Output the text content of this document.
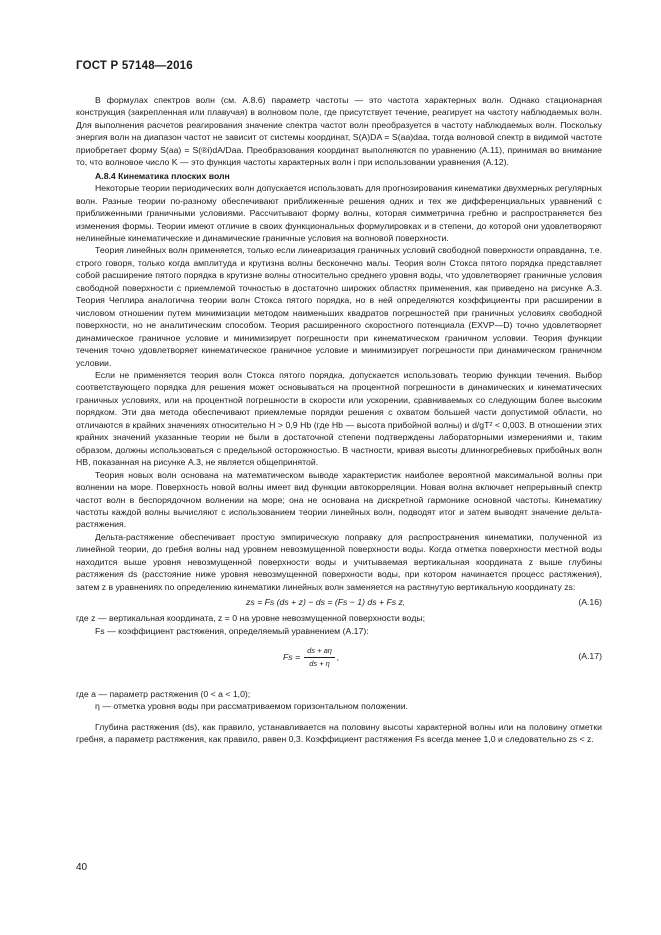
ГОСТ Р 57148—2016

В формулах спектров волн (см. А.8.6) параметр частоты — это частота характерных волн. Однако стационарная конструкция (закрепленная или плавучая) в волновом поле, где присутствует течение, реагирует на частоту наблюдаемых волн. Для выполнения расчетов реагирования значение спектра частот волн преобразуется в частоту наблюдаемых волн. Поскольку энергия волн на диапазон частот не зависит от системы координат, S(A)DA = S(aa)daa, тогда волновой спектр в видимой частоте приобретает форму S(aa) = S(®i)dA/Daa. Преобразования координат выполняются по уравнению (А.11), принимая во внимание то, что волновое число K — это функция частоты характерных волн i при использовании уравнения (А.12).

А.8.4 Кинематика плоских волн

Некоторые теории периодических волн допускается использовать для прогнозирования кинематики двухмерных регулярных волн. Разные теории по-разному обеспечивают приближенные решения одних и тех же дифференциальных уравнений с приближенными граничными условиями. Рассчитывают форму волны, которая симметрична гребню и распространяется без изменения формы. Теории имеют отличие в своих функциональных формулировках и в степени, до которой они удовлетворяют нелинейные кинематические и динамические граничные условия на волновой поверхности.

Теория линейных волн применяется, только если линеаризация граничных условий свободной поверхности оправданна, т.е. строго говоря, только когда амплитуда и крутизна волны бесконечно малы. Теория волн Стокса пятого порядка представляет собой расширение пятого порядка в крутизне волны относительно среднего уровня воды, что удовлетворяет граничные условия свободной поверхности с приемлемой точностью в достаточно широких областях применения, как приведено на рисунке А.3. Теория Чеплира аналогична теории волн Стокса пятого порядка, но в ней определяются коэффициенты при расширении в числовом отношении путем минимизации методом наименьших квадратов погрешностей при граничных условиях свободной поверхности, но не аналитическим способом. Теория расширенного скоростного потенциала (EXVP—D) точно удовлетворяет динамическое граничное условие и минимизирует погрешности при кинематическом граничном условии. Теория функции течения точно удовлетворяет кинематическое граничное условие и минимизирует погрешности при динамическом граничном условии.

Если не применяется теория волн Стокса пятого порядка, допускается использовать теорию функции течения. Выбор соответствующего порядка для решения может основываться на процентной погрешности в динамических и кинематических граничных условиях, или на процентной погрешности в скорости или ускорении, сравниваемых со следующим более высоким порядком. Эти два метода обеспечивают приемлемые порядки решения с охватом большей части допустимой области, но отличаются в крайних значениях относительно H > 0,9 Hb (где Hb — высота прибойной волны) и d/gT² < 0,003. В отношении этих крайних значений указанные теории не были в достаточной степени подтверждены лабораторными измерениями и, таким образом, должны использоваться с предельной осторожностью. В частности, кривая высоты длинногребневых прибойных волн HB, показанная на рисунке А.3, не является общепринятой.

Теория новых волн основана на математическом выводе характеристик наиболее вероятной максимальной волны при волнении на море. Поверхность новой волны имеет вид функции автокорреляции. Новая волна включает непрерывный спектр частот волн в беспорядочном волнении на море; она не основана на дискретной гармонике основной частоты. Кинематику частоты каждой волны вычисляют с использованием теории линейных волн, подводят итог и затем выводят значение дельта-растяжения.

Дельта-растяжение обеспечивает простую эмпирическую поправку для распространения кинематики, полученной из линейной теории, до гребня волны над уровнем невозмущенной поверхности воды. Когда отметка поверхности местной воды находится выше уровня невозмущенной поверхности воды и учитываемая вертикальная координата z выше глубины растяжения ds (расстояние ниже уровня невозмущенной поверхности воды, при котором начинается процесс растяжения), затем z в уравнениях по определению кинематики линейных волн заменяется на растянутую вертикальную координату zs:

zs = Fs (ds + z) − ds = (Fs − 1) ds + Fs z,	(А.16)

где z — вертикальная координата, z = 0 на уровне невозмущенной поверхности воды;

Fs — коэффициент растяжения, определяемый уравнением (А.17):

$Fs = \frac{ds + a\eta}{ds + \eta}$ ,	(А.17)

где a — параметр растяжения (0 < a < 1,0);

η — отметка уровня воды при рассматриваемом горизонтальном положении.

Глубина растяжения (ds), как правило, устанавливается на половину высоты характерной волны или на половину отметки гребня, а параметр растяжения, как правило, равен 0,3. Коэффициент растяжения Fs всегда менее 1,0 и следовательно zs < z.

40
